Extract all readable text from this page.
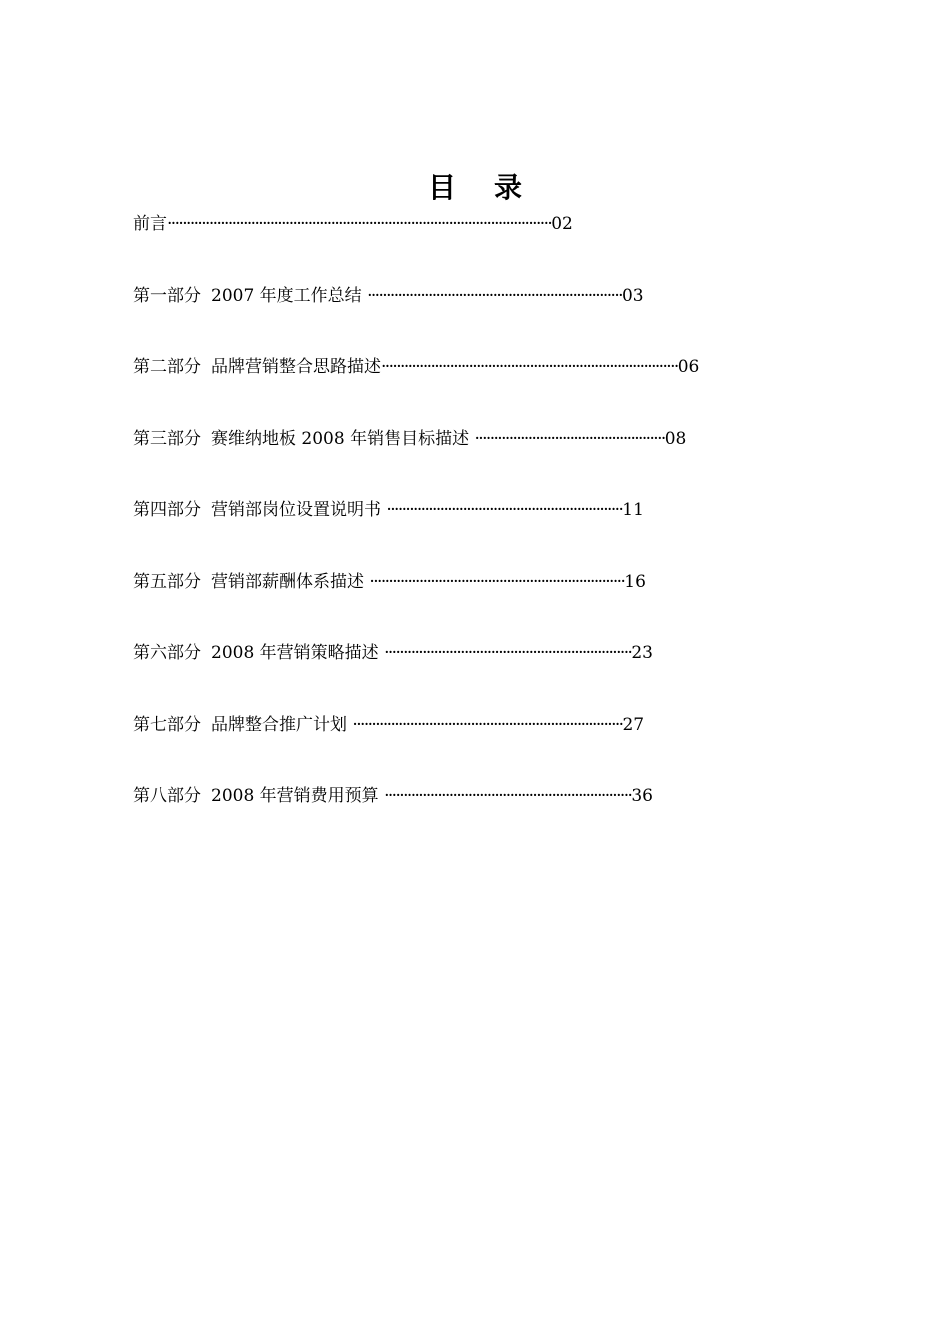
目 录
前言·····································································································02
第一部分 2007 年度工作总结 ···································································03
第二部分 品牌营销整合思路描述··············································································06
第三部分 赛维纳地板 2008 年销售目标描述 ··················································08
第四部分 营销部岗位设置说明书 ······························································11
第五部分 营销部薪酬体系描述 ···································································16
第六部分 2008 年营销策略描述 ·································································23
第七部分 品牌整合推广计划 ·······································································27
第八部分 2008 年营销费用预算 ·································································36
